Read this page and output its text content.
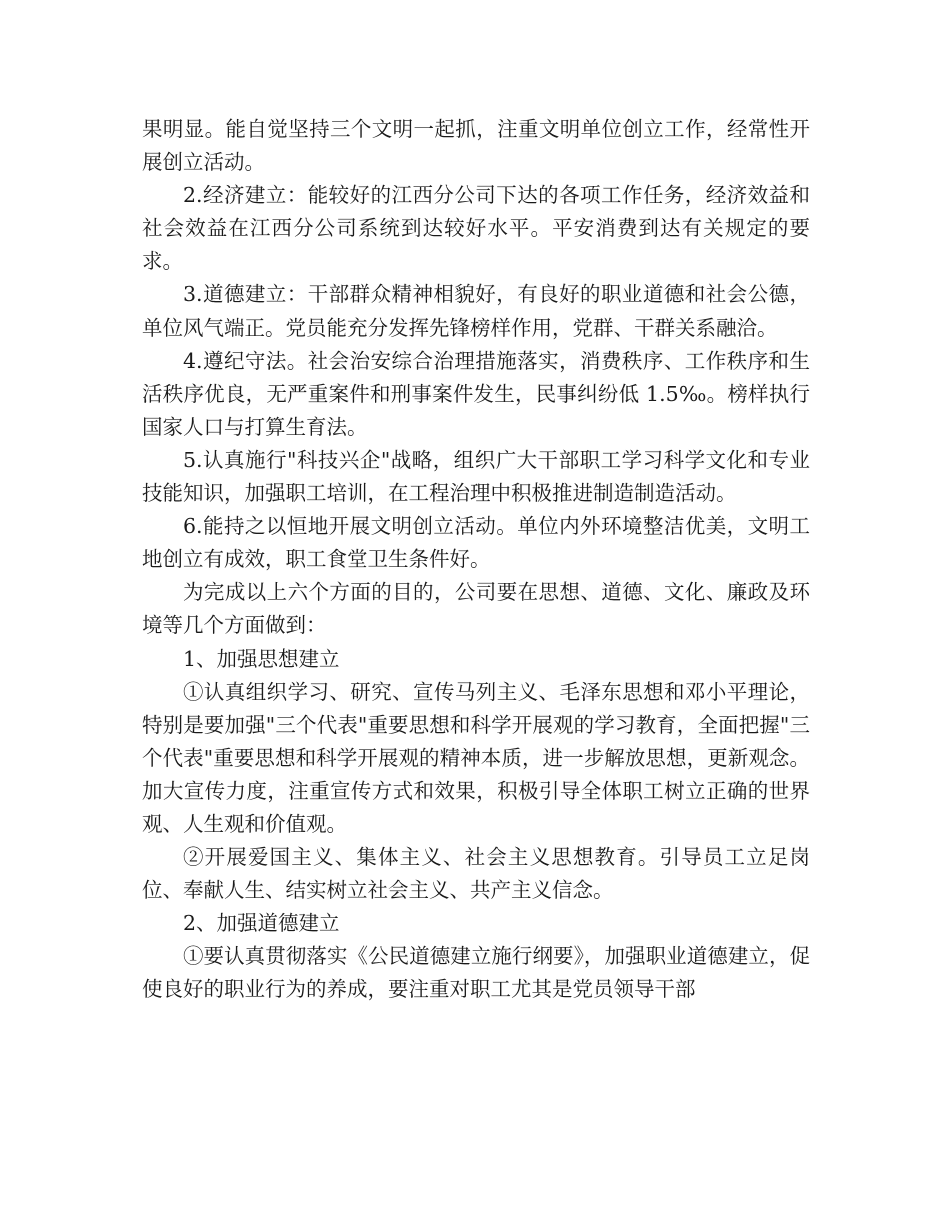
果明显。能自觉坚持三个文明一起抓，注重文明单位创立工作，经常性开展创立活动。

2.经济建立：能较好的江西分公司下达的各项工作任务，经济效益和社会效益在江西分公司系统到达较好水平。平安消费到达有关规定的要求。

3.道德建立：干部群众精神相貌好，有良好的职业道德和社会公德，单位风气端正。党员能充分发挥先锋榜样作用，党群、干群关系融洽。

4.遵纪守法。社会治安综合治理措施落实，消费秩序、工作秩序和生活秩序优良，无严重案件和刑事案件发生，民事纠纷低 1.5‰。榜样执行国家人口与打算生育法。

5.认真施行"科技兴企"战略，组织广大干部职工学习科学文化和专业技能知识，加强职工培训，在工程治理中积极推进制造制造活动。

6.能持之以恒地开展文明创立活动。单位内外环境整洁优美，文明工地创立有成效，职工食堂卫生条件好。

为完成以上六个方面的目的，公司要在思想、道德、文化、廉政及环境等几个方面做到：

1、加强思想建立

①认真组织学习、研究、宣传马列主义、毛泽东思想和邓小平理论，特别是要加强"三个代表"重要思想和科学开展观的学习教育，全面把握"三个代表"重要思想和科学开展观的精神本质，进一步解放思想，更新观念。加大宣传力度，注重宣传方式和效果，积极引导全体职工树立正确的世界观、人生观和价值观。

②开展爱国主义、集体主义、社会主义思想教育。引导员工立足岗位、奉献人生、结实树立社会主义、共产主义信念。

2、加强道德建立

①要认真贯彻落实《公民道德建立施行纲要》，加强职业道德建立，促使良好的职业行为的养成，要注重对职工尤其是党员领导干部
